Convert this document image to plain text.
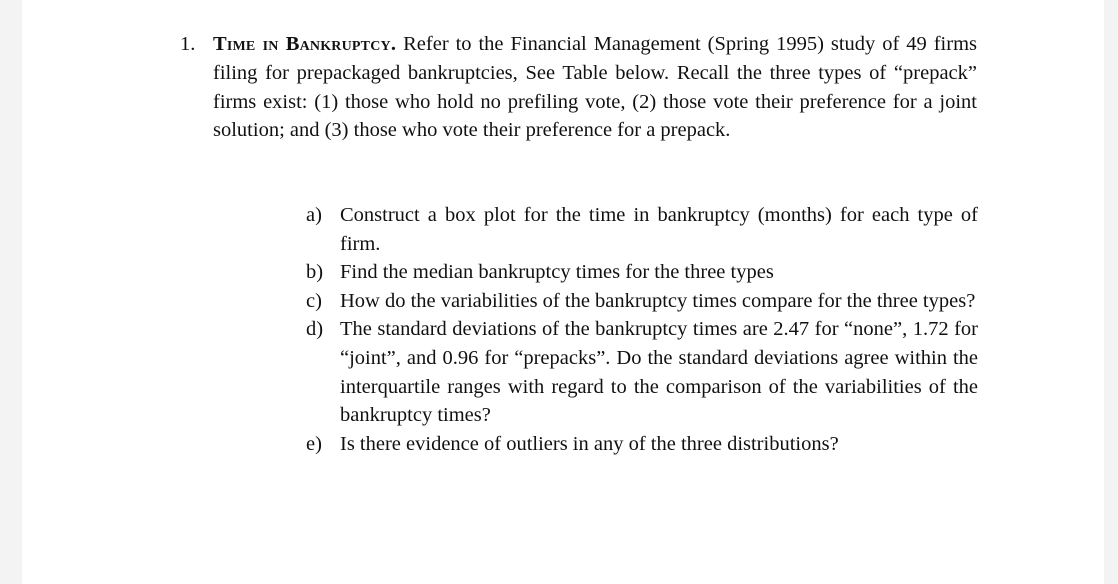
1. Time in Bankruptcy. Refer to the Financial Management (Spring 1995) study of 49 firms filing for prepackaged bankruptcies, See Table below. Recall the three types of “prepack” firms exist: (1) those who hold no prefiling vote, (2) those vote their preference for a joint solution; and (3) those who vote their preference for a prepack.
a) Construct a box plot for the time in bankruptcy (months) for each type of firm.
b) Find the median bankruptcy times for the three types
c) How do the variabilities of the bankruptcy times compare for the three types?
d) The standard deviations of the bankruptcy times are 2.47 for “none”, 1.72 for “joint”, and 0.96 for “prepacks”. Do the standard deviations agree within the interquartile ranges with regard to the comparison of the variabilities of the bankruptcy times?
e) Is there evidence of outliers in any of the three distributions?
